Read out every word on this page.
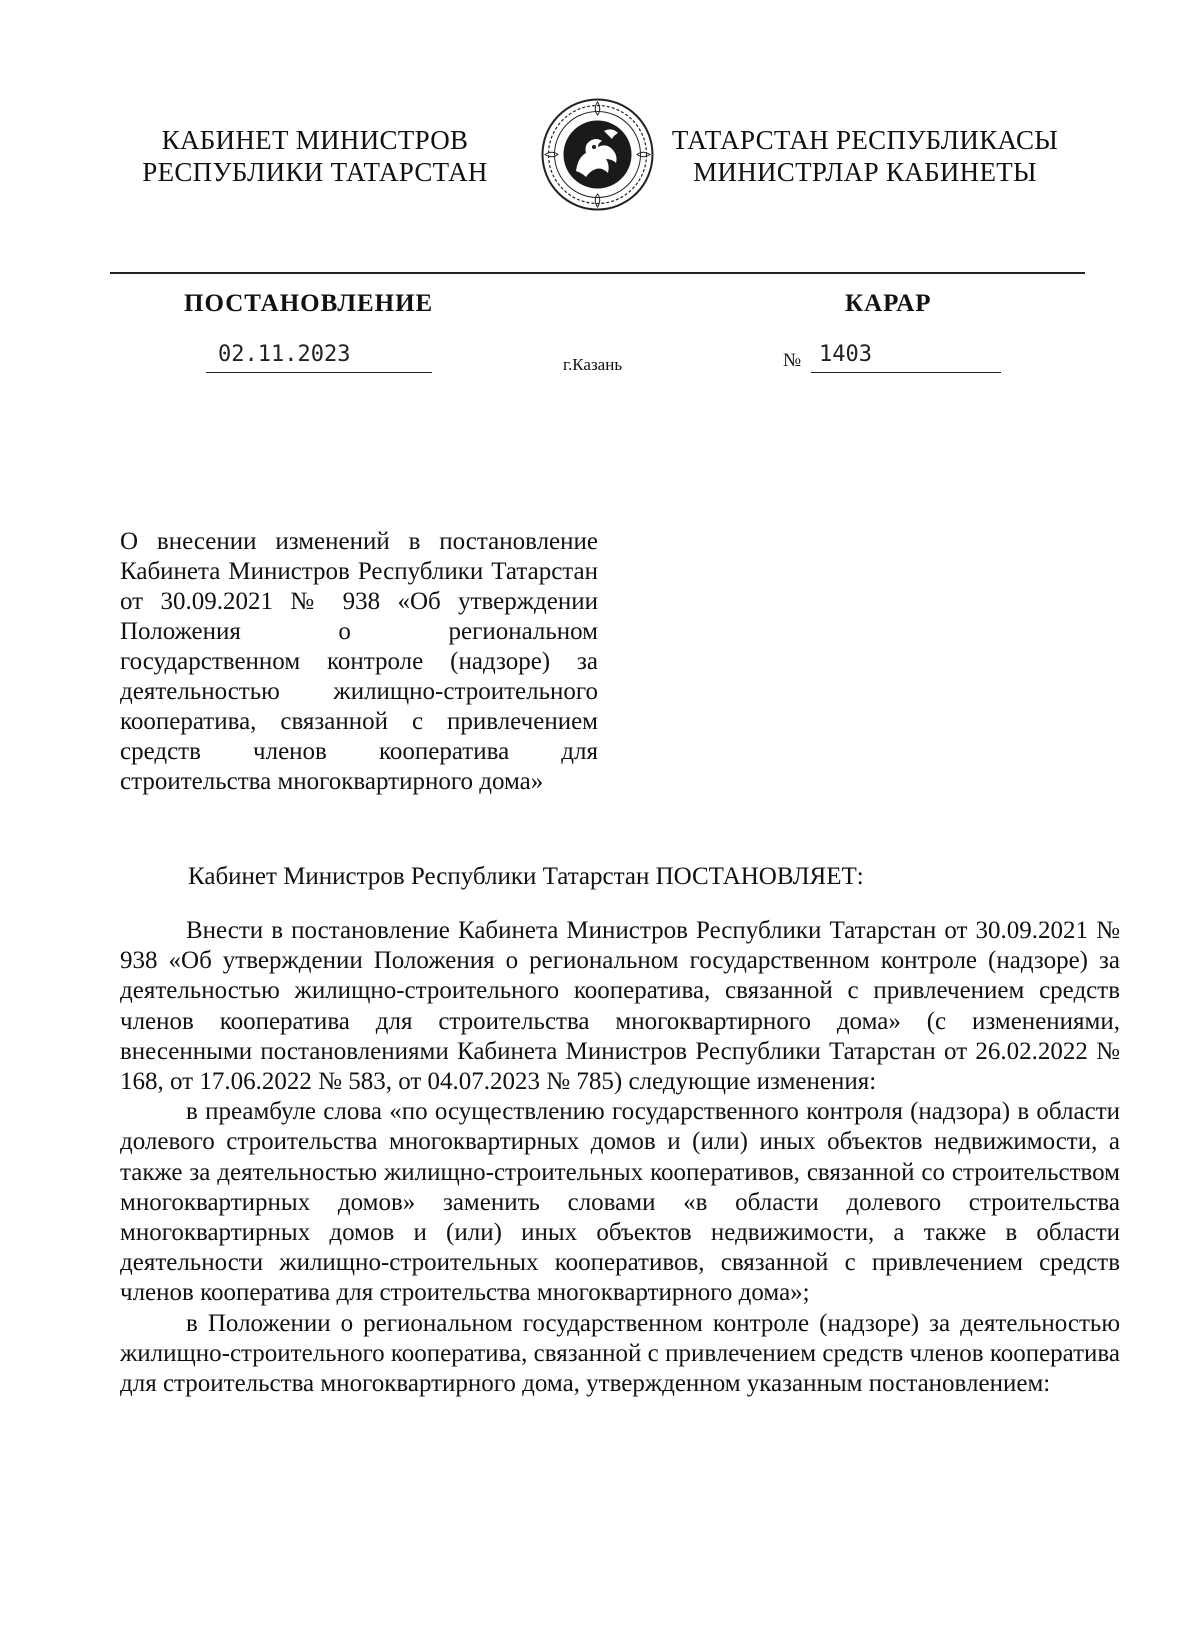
КАБИНЕТ МИНИСТРОВ
РЕСПУБЛИКИ ТАТАРСТАН
ТАТАРСТАН РЕСПУБЛИКАСЫ
МИНИСТРЛАР КАБИНЕТЫ
ПОСТАНОВЛЕНИЕ	КАРАР
02.11.2023	г.Казань	№ 1403
О внесении изменений в постановление Кабинета Министров Республики Татарстан от 30.09.2021 № 938 «Об утверждении Положения о региональном государственном контроле (надзоре) за деятельностью жилищно-строительного кооператива, связанной с привлечением средств членов кооператива для строительства многоквартирного дома»
Кабинет Министров Республики Татарстан ПОСТАНОВЛЯЕТ:

Внести в постановление Кабинета Министров Республики Татарстан от 30.09.2021 № 938 «Об утверждении Положения о региональном государственном контроле (надзоре) за деятельностью жилищно-строительного кооператива, связанной с привлечением средств членов кооператива для строительства многоквартирного дома» (с изменениями, внесенными постановлениями Кабинета Министров Республики Татарстан от 26.02.2022 № 168, от 17.06.2022 № 583, от 04.07.2023 № 785) следующие изменения:

в преамбуле слова «по осуществлению государственного контроля (надзора) в области долевого строительства многоквартирных домов и (или) иных объектов недвижимости, а также за деятельностью жилищно-строительных кооперативов, связанной со строительством многоквартирных домов» заменить словами «в области долевого строительства многоквартирных домов и (или) иных объектов недвижимости, а также в области деятельности жилищно-строительных кооперативов, связанной с привлечением средств членов кооператива для строительства многоквартирного дома»;

в Положении о региональном государственном контроле (надзоре) за деятельностью жилищно-строительного кооператива, связанной с привлечением средств членов кооператива для строительства многоквартирного дома, утвержденном указанным постановлением:
